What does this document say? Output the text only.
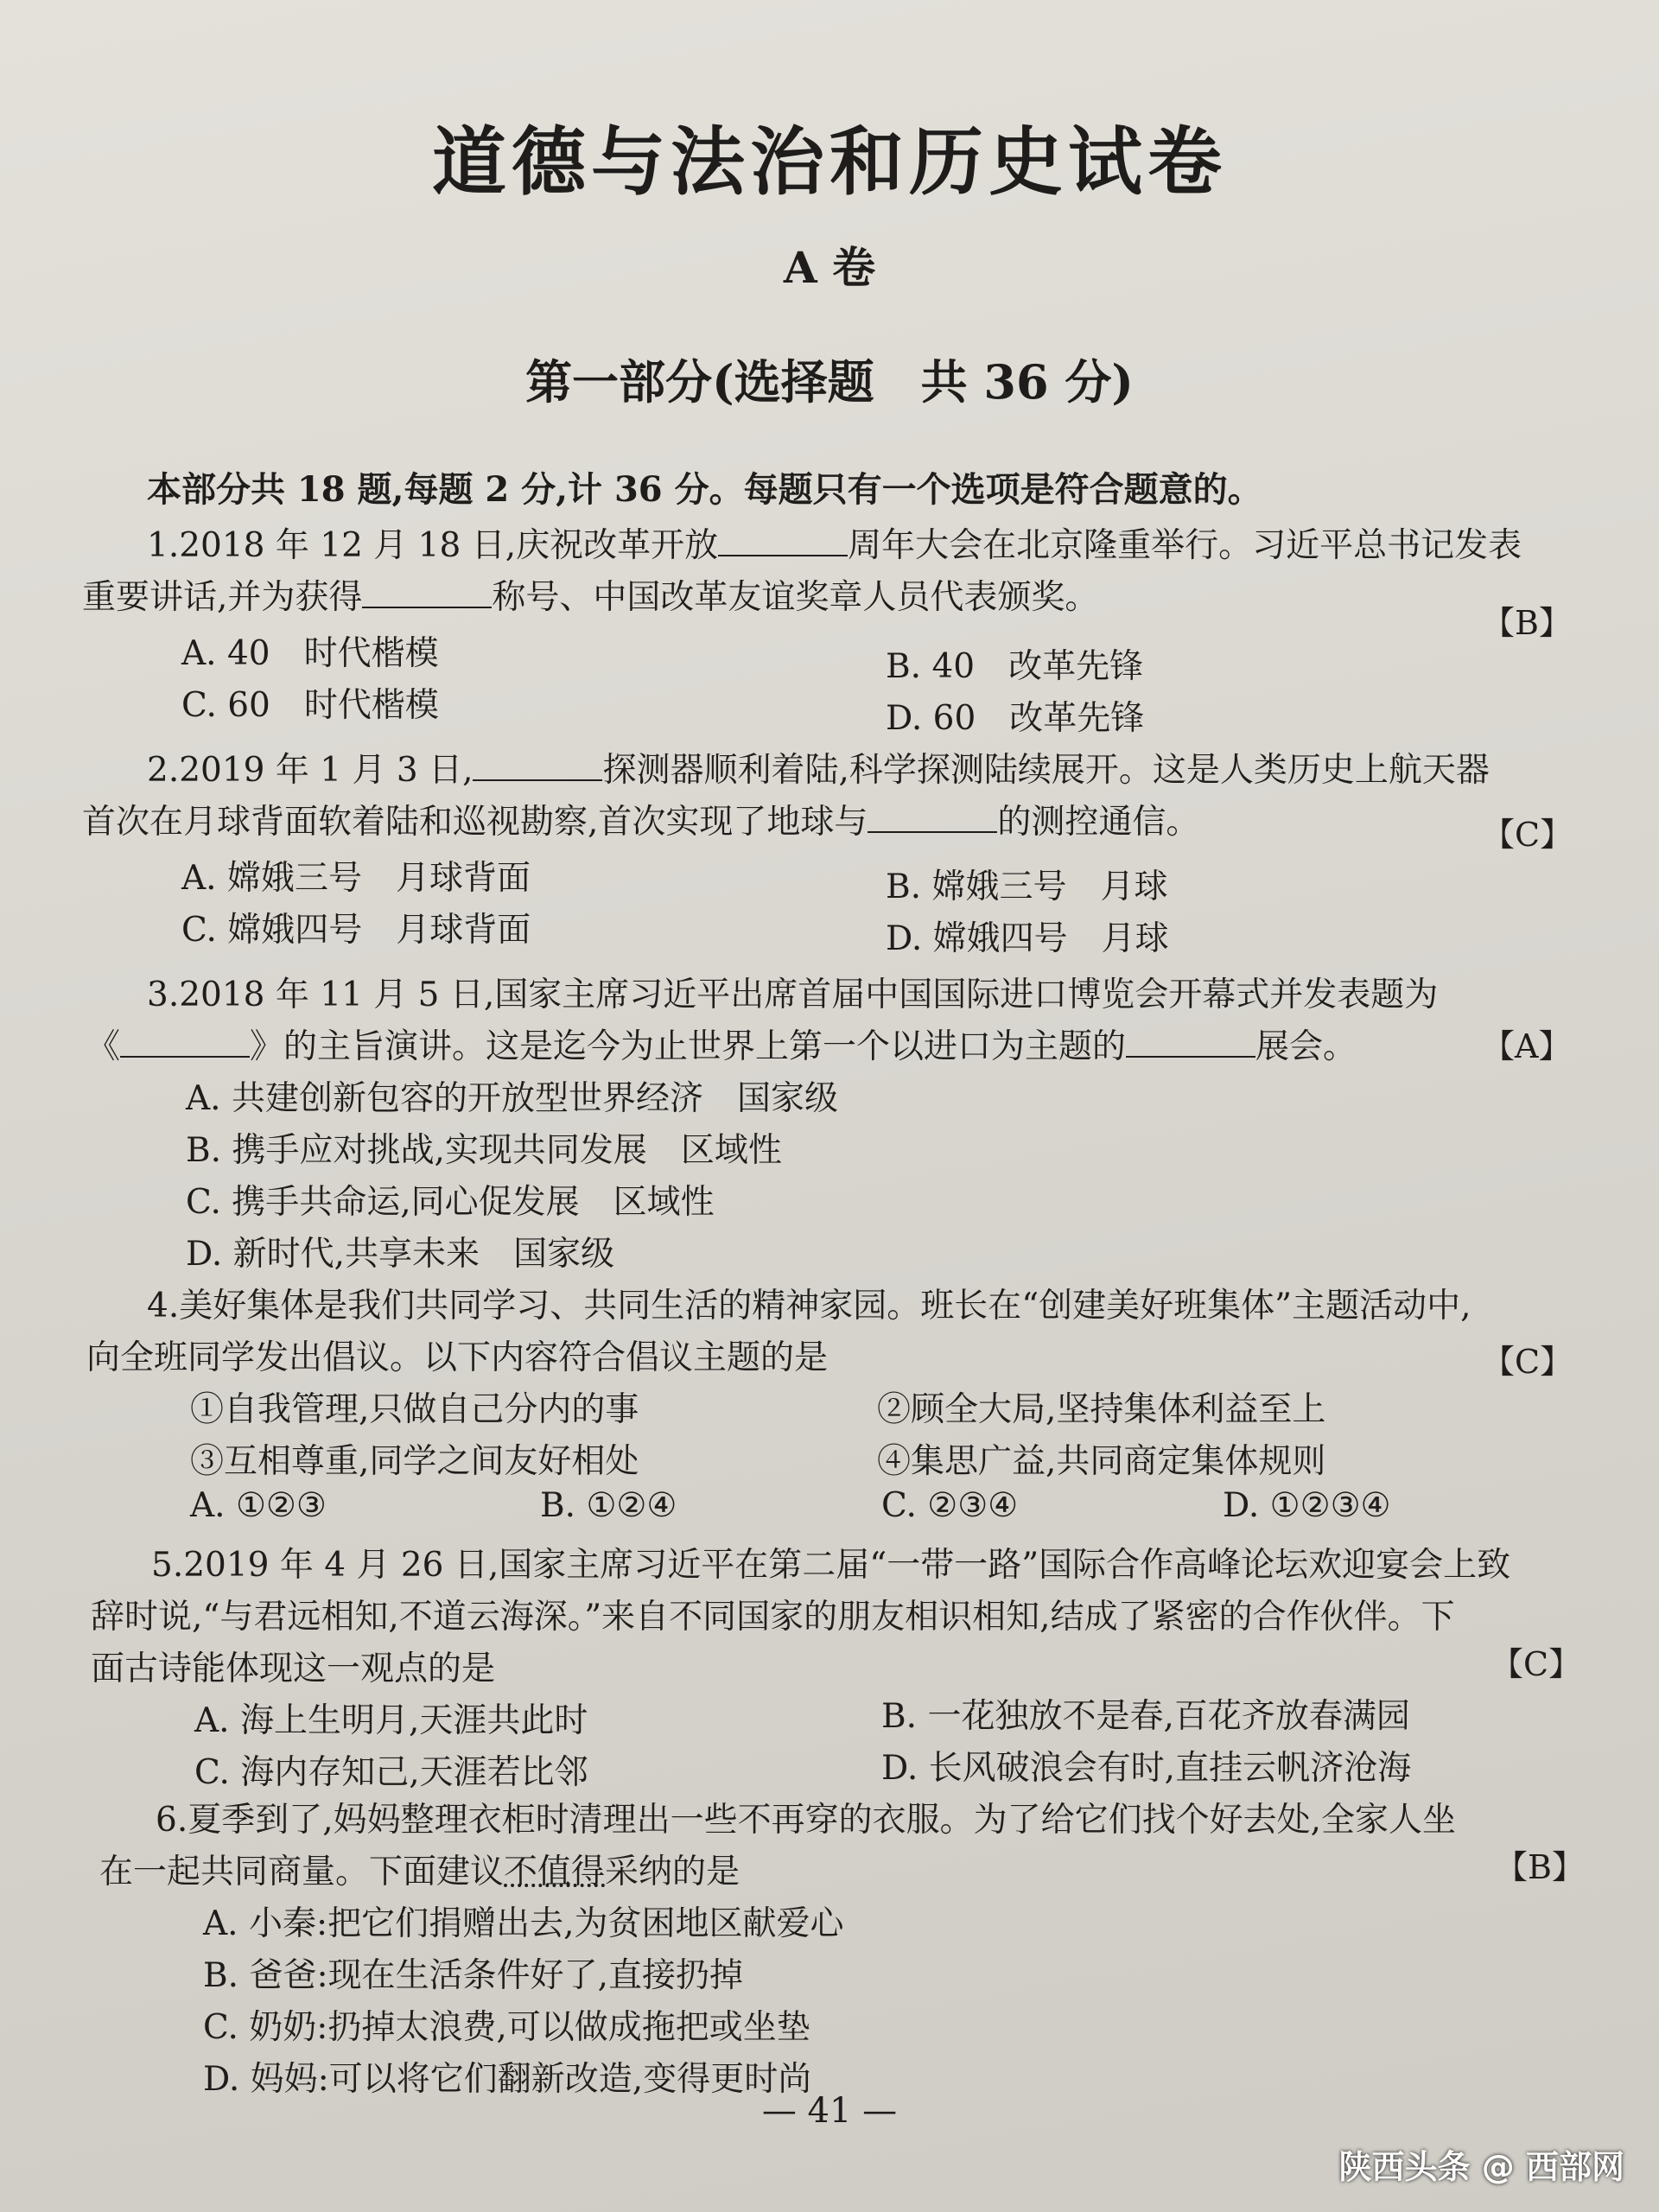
道德与法治和历史试卷
A 卷
第一部分(选择题　共 36 分)
本部分共 18 题,每题 2 分,计 36 分。每题只有一个选项是符合题意的。
1.2018 年 12 月 18 日,庆祝改革开放	周年大会在北京隆重举行。习近平总书记发表
重要讲话,并为获得	称号、中国改革友谊奖章人员代表颁奖。
【B】
A. 40　时代楷模	B. 40　改革先锋
C. 60　时代楷模	D. 60　改革先锋
2.2019 年 1 月 3 日,	探测器顺利着陆,科学探测陆续展开。这是人类历史上航天器
首次在月球背面软着陆和巡视勘察,首次实现了地球与	的测控通信。	【C】
A. 嫦娥三号　月球背面	B. 嫦娥三号　月球
C. 嫦娥四号　月球背面	D. 嫦娥四号　月球
3.2018 年 11 月 5 日,国家主席习近平出席首届中国国际进口博览会开幕式并发表题为
《	》的主旨演讲。这是迄今为止世界上第一个以进口为主题的	展会。	【A】
A. 共建创新包容的开放型世界经济　国家级
B. 携手应对挑战,实现共同发展　区域性
C. 携手共命运,同心促发展　区域性
D. 新时代,共享未来　国家级
4.美好集体是我们共同学习、共同生活的精神家园。班长在“创建美好班集体”主题活动中,
向全班同学发出倡议。以下内容符合倡议主题的是	【C】
①自我管理,只做自己分内的事	②顾全大局,坚持集体利益至上
③互相尊重,同学之间友好相处	④集思广益,共同商定集体规则
A. ①②③	B. ①②④	C. ②③④	D. ①②③④
5.2019 年 4 月 26 日,国家主席习近平在第二届“一带一路”国际合作高峰论坛欢迎宴会上致
辞时说,“与君远相知,不道云海深。”来自不同国家的朋友相识相知,结成了紧密的合作伙伴。下
面古诗能体现这一观点的是	【C】
A. 海上生明月,天涯共此时	B. 一花独放不是春,百花齐放春满园
C. 海内存知己,天涯若比邻	D. 长风破浪会有时,直挂云帆济沧海
6.夏季到了,妈妈整理衣柜时清理出一些不再穿的衣服。为了给它们找个好去处,全家人坐
在一起共同商量。下面建议不值得采纳的是	【B】
A. 小秦:把它们捐赠出去,为贫困地区献爱心
B. 爸爸:现在生活条件好了,直接扔掉
C. 奶奶:扔掉太浪费,可以做成拖把或坐垫
D. 妈妈:可以将它们翻新改造,变得更时尚
— 41 —
陕西头条 @ 西部网
